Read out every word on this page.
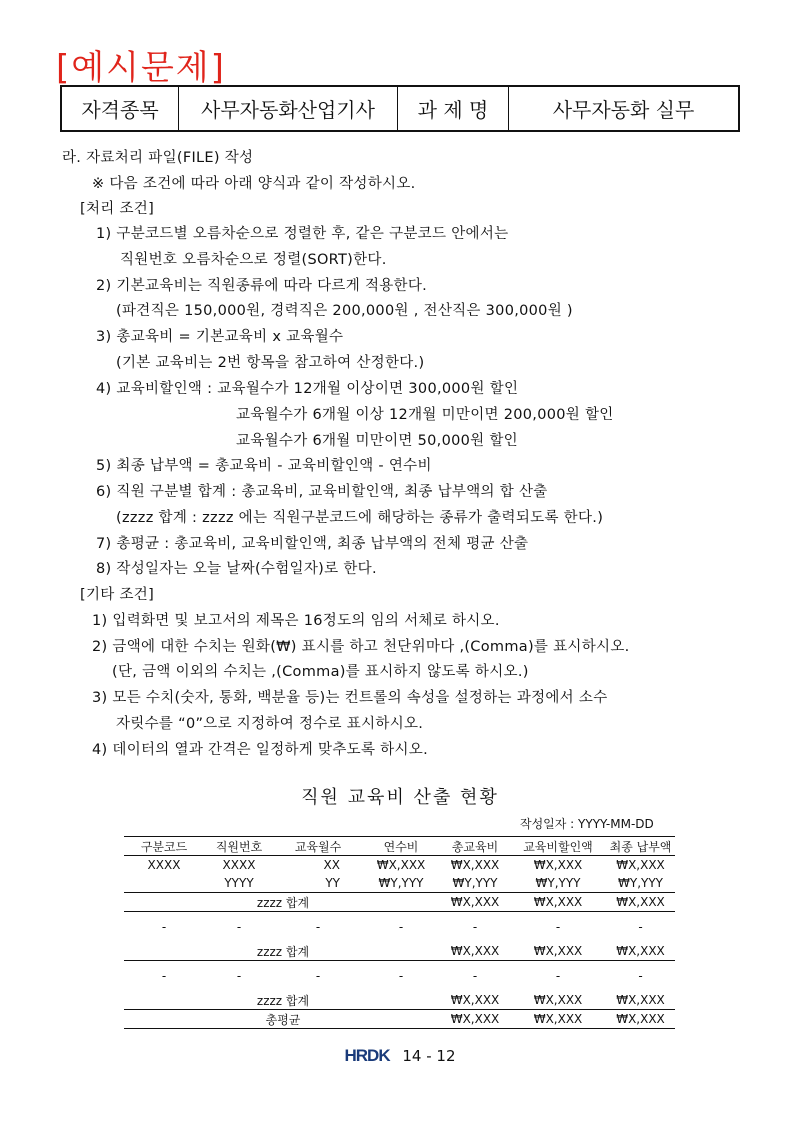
[예시문제]
자격종목	사무자동화산업기사	과 제 명	사무자동화 실무
라. 자료처리 파일(FILE) 작성
※ 다음 조건에 따라 아래 양식과 같이 작성하시오.
[처리 조건]
1) 구분코드별 오름차순으로 정렬한 후, 같은 구분코드 안에서는
직원번호 오름차순으로 정렬(SORT)한다.
2) 기본교육비는 직원종류에 따라 다르게 적용한다.
(파견직은 150,000원, 경력직은 200,000원 , 전산직은 300,000원 )
3) 총교육비 = 기본교육비 x 교육월수
(기본 교육비는 2번 항목을 참고하여 산정한다.)
4) 교육비할인액 : 교육월수가 12개월 이상이면 300,000원 할인
교육월수가 6개월 이상 12개월 미만이면 200,000원 할인
교육월수가 6개월 미만이면 50,000원 할인
5) 최종 납부액 = 총교육비 - 교육비할인액 - 연수비
6) 직원 구분별 합계 : 총교육비, 교육비할인액, 최종 납부액의 합 산출
(zzzz 합계 : zzzz 에는 직원구분코드에 해당하는 종류가 출력되도록 한다.)
7) 총평균 : 총교육비, 교육비할인액, 최종 납부액의 전체 평균 산출
8) 작성일자는 오늘 날짜(수험일자)로 한다.
[기타 조건]
1) 입력화면 및 보고서의 제목은 16정도의 임의 서체로 하시오.
2) 금액에 대한 수치는 원화(₩) 표시를 하고 천단위마다 ,(Comma)를 표시하시오.
(단, 금액 이외의 수치는 ,(Comma)를 표시하지 않도록 하시오.)
3) 모든 수치(숫자, 통화, 백분율 등)는 컨트롤의 속성을 설정하는 과정에서 소수
자릿수를 “0”으로 지정하여 정수로 표시하시오.
4) 데이터의 열과 간격은 일정하게 맞추도록 하시오.
직원 교육비 산출 현황
작성일자 : YYYY-MM-DD
구분코드	직원번호	교육월수	연수비	총교육비	교육비할인액	최종 납부액
XXXX	XXXX	XX	₩X,XXX	₩X,XXX	₩X,XXX	₩X,XXX
	YYYY	YY	₩Y,YYY	₩Y,YYY	₩Y,YYY	₩Y,YYY
	zzzz 합계			₩X,XXX	₩X,XXX	₩X,XXX
-	-	-	-	-	-	-
	zzzz 합계			₩X,XXX	₩X,XXX	₩X,XXX
-	-	-	-	-	-	-
	zzzz 합계			₩X,XXX	₩X,XXX	₩X,XXX
	총평균			₩X,XXX	₩X,XXX	₩X,XXX
HRDK 14 - 12
